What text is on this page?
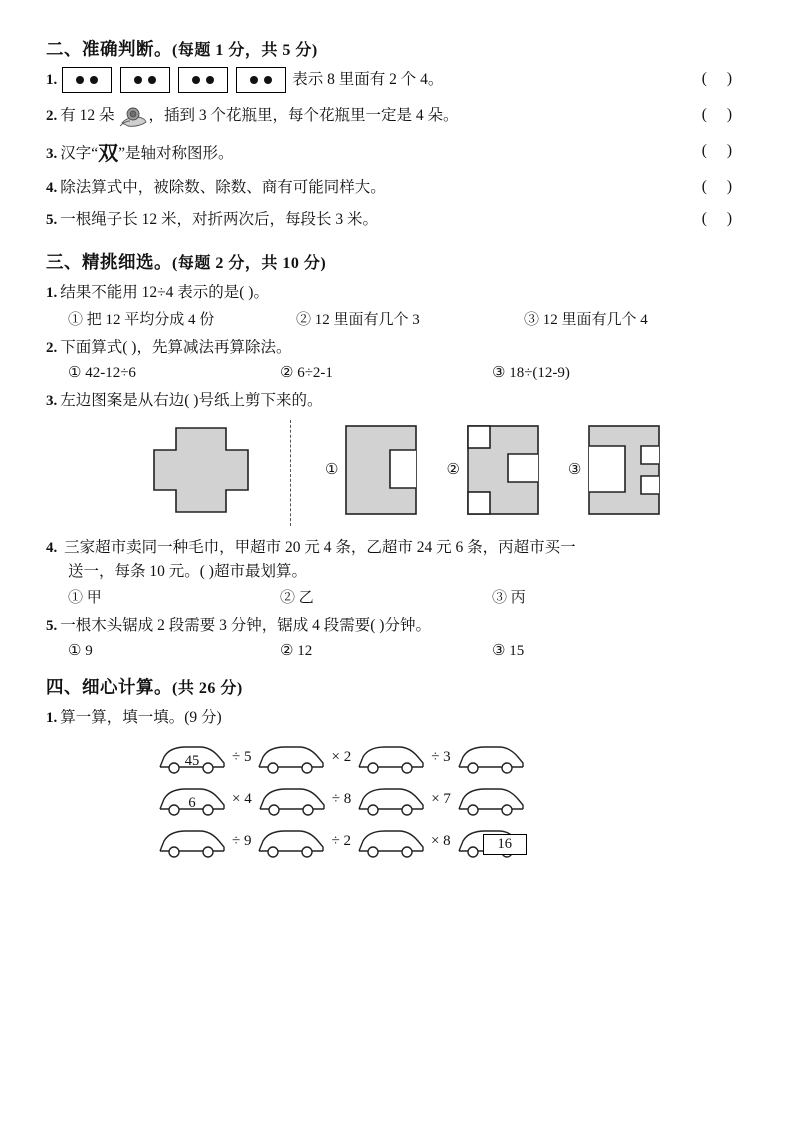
二、准确判断。(每题 1 分，共 5 分)
1.	表示 8 里面有 2 个 4。	( )
2. 有 12 朵 ，插到 3 个花瓶里，每个花瓶里一定是 4 朵。	( )
3. 汉字“ 双 ”是轴对称图形。	( )
4. 除法算式中，被除数、除数、商有可能同样大。	( )
5. 一根绳子长 12 米，对折两次后，每段长 3 米。	( )
三、精挑细选。(每题 2 分，共 10 分)
1. 结果不能用 12÷4 表示的是( )。
① 把 12 平均分成 4 份	② 12 里面有几个 3	③ 12 里面有几个 4
2. 下面算式( )，先算减法再算除法。
① 42-12÷6	② 6÷2-1	③ 18÷(12-9)
3. 左边图案是从右边( )号纸上剪下来的。
①	②	③
4. 三家超市卖同一种毛巾，甲超市 20 元 4 条，乙超市 24 元 6 条，丙超市买一
送一，每条 10 元。( )超市最划算。
① 甲	② 乙	③ 丙
5. 一根木头锯成 2 段需要 3 分钟，锯成 4 段需要( )分钟。
① 9	② 12	③ 15
四、细心计算。(共 26 分)
1. 算一算，填一填。(9 分)
45	÷ 5	× 2	÷ 3
6	× 4	÷ 8	× 7
÷ 9	÷ 2	× 8	16
